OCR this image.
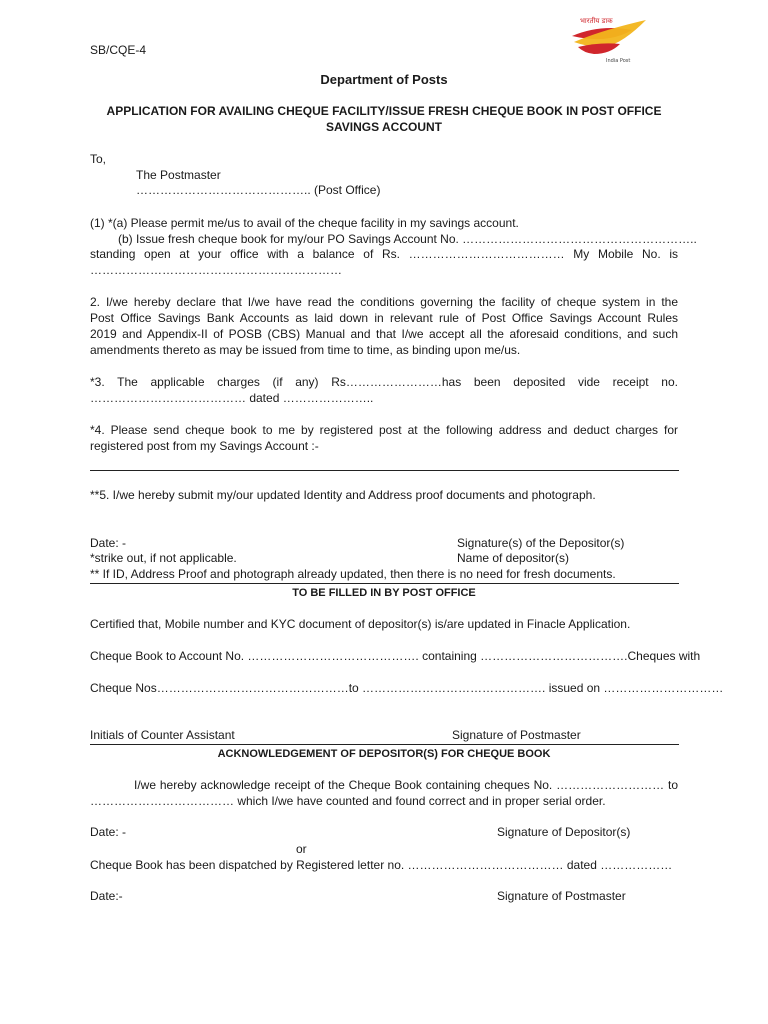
SB/CQE-4
भारतीय डाक
India Post
Department of Posts
APPLICATION FOR AVAILING CHEQUE FACILITY/ISSUE FRESH CHEQUE BOOK IN POST OFFICE SAVINGS ACCOUNT
To,
The Postmaster
…………………………………….. (Post Office)
(1) *(a) Please permit me/us to avail of the cheque facility in my savings account.
(b) Issue fresh cheque book for my/our PO Savings Account No. …………………………………………………..
standing open at your office with a balance of Rs. ………………………………… My Mobile No. is
………………………………………………………
2. I/we hereby declare that I/we have read the conditions governing the facility of cheque system in the
Post Office Savings Bank Accounts as laid down in relevant rule of Post Office Savings Account Rules
2019 and Appendix-II of POSB (CBS) Manual and that I/we accept all the aforesaid conditions, and such
amendments thereto as may be issued from time to time, as binding upon me/us.
*3. The applicable charges (if any) Rs……………………has been deposited vide receipt no.
………………………………… dated …………………..
*4. Please send cheque book to me by registered post at the following address and deduct charges for
registered post from my Savings Account :-
**5. I/we hereby submit my/our updated Identity and Address proof documents and photograph.
Date: -	Signature(s) of the Depositor(s)
*strike out, if not applicable.	Name of depositor(s)
** If ID, Address Proof and photograph already updated, then there is no need for fresh documents.
TO BE FILLED IN BY POST OFFICE
Certified that, Mobile number and KYC document of depositor(s) is/are updated in Finacle Application.
Cheque Book to Account No. ……………………………………. containing ……………………………….Cheques with
Cheque Nos…………………………………………to ………………………………………. issued on …………………………
Initials of Counter Assistant	Signature of Postmaster
ACKNOWLEDGEMENT OF DEPOSITOR(S) FOR CHEQUE BOOK
I/we hereby acknowledge receipt of the Cheque Book containing cheques No. ……………………… to
……………………………… which I/we have counted and found correct and in proper serial order.
Date: -	Signature of Depositor(s)
or
Cheque Book has been dispatched by Registered letter no. ………………………………… dated ………………
Date:-	Signature of Postmaster
